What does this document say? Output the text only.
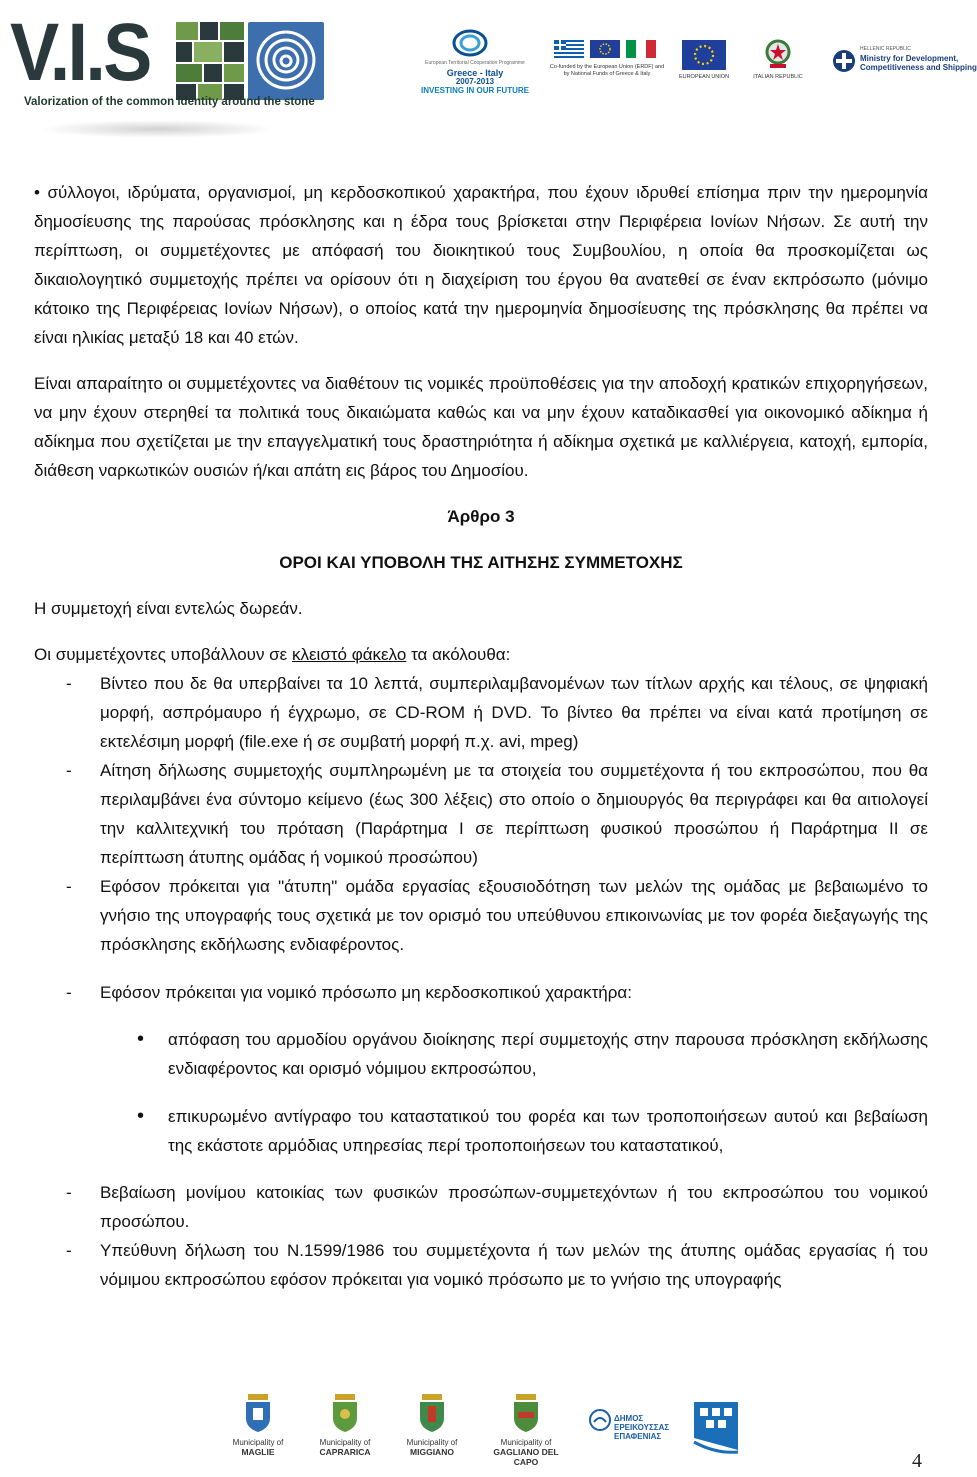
V.I.S
Valorization of the common identity around the stone
European Territorial Cooperation Programme
Greece - Italy
2007-2013
INVESTING IN OUR FUTURE
Co-funded by the European Union (ERDF) and by National Funds of Greece & Italy	EUROPEAN UNION	ITALIAN REPUBLIC
HELLENIC REPUBLIC
Ministry for Development,
Competitiveness and Shipping

• σύλλογοι, ιδρύματα, οργανισμοί, μη κερδοσκοπικού χαρακτήρα, που έχουν ιδρυθεί επίσημα πριν την ημερομηνία δημοσίευσης της παρούσας πρόσκλησης και η έδρα τους βρίσκεται στην Περιφέρεια Ιονίων Νήσων. Σε αυτή την περίπτωση, οι συμμετέχοντες με απόφασή του διοικητικού τους Συμβουλίου, η οποία θα προσκομίζεται ως δικαιολογητικό συμμετοχής πρέπει να ορίσουν ότι η διαχείριση του έργου θα ανατεθεί σε έναν εκπρόσωπο (μόνιμο κάτοικο της Περιφέρειας Ιονίων Νήσων), ο οποίος κατά την ημερομηνία δημοσίευσης της πρόσκλησης θα πρέπει να είναι ηλικίας μεταξύ 18 και 40 ετών.

Είναι απαραίτητο οι συμμετέχοντες να διαθέτουν τις νομικές προϋποθέσεις για την αποδοχή κρατικών επιχορηγήσεων, να μην έχουν στερηθεί τα πολιτικά τους δικαιώματα καθώς και να μην έχουν καταδικασθεί για οικονομικό αδίκημα ή αδίκημα που σχετίζεται με την επαγγελματική τους δραστηριότητα ή αδίκημα σχετικά με καλλιέργεια, κατοχή, εμπορία, διάθεση ναρκωτικών ουσιών ή/και απάτη εις βάρος του Δημοσίου.

Άρθρο 3

ΟΡΟΙ ΚΑΙ ΥΠΟΒΟΛΗ ΤΗΣ ΑΙΤΗΣΗΣ ΣΥΜΜΕΤΟΧΗΣ

Η συμμετοχή είναι εντελώς δωρεάν.

Οι συμμετέχοντες υποβάλλουν σε κλειστό φάκελο τα ακόλουθα:

- Βίντεο που δε θα υπερβαίνει τα 10 λεπτά, συμπεριλαμβανομένων των τίτλων αρχής και τέλους, σε ψηφιακή μορφή, ασπρόμαυρο ή έγχρωμο, σε CD-ROM ή DVD. Το βίντεο θα πρέπει να είναι κατά προτίμηση σε εκτελέσιμη μορφή (file.exe ή σε συμβατή μορφή π.χ. avi, mpeg)

- Αίτηση δήλωσης συμμετοχής συμπληρωμένη με τα στοιχεία του συμμετέχοντα ή του εκπροσώπου, που θα περιλαμβάνει ένα σύντομο κείμενο (έως 300 λέξεις) στο οποίο ο δημιουργός θα περιγράφει και θα αιτιολογεί την καλλιτεχνική του πρόταση (Παράρτημα Ι σε περίπτωση φυσικού προσώπου ή Παράρτημα ΙΙ σε περίπτωση άτυπης ομάδας ή νομικού προσώπου)

- Εφόσον πρόκειται για "άτυπη" ομάδα εργασίας εξουσιοδότηση των μελών της ομάδας με βεβαιωμένο το γνήσιο της υπογραφής τους σχετικά με τον ορισμό του υπεύθυνου επικοινωνίας με τον φορέα διεξαγωγής της πρόσκλησης εκδήλωσης ενδιαφέροντος.

- Εφόσον πρόκειται για νομικό πρόσωπο μη κερδοσκοπικού χαρακτήρα:

• απόφαση του αρμοδίου οργάνου διοίκησης περί συμμετοχής στην παρουσα πρόσκληση εκδήλωσης ενδιαφέροντος και ορισμό νόμιμου εκπροσώπου,

• επικυρωμένο αντίγραφο του καταστατικού του φορέα και των τροποποιήσεων αυτού και βεβαίωση της εκάστοτε αρμόδιας υπηρεσίας περί τροποποιήσεων του καταστατικού,

- Βεβαίωση μονίμου κατοικίας των φυσικών προσώπων-συμμετεχόντων ή του εκπροσώπου του νομικού προσώπου.

- Υπεύθυνη δήλωση του Ν.1599/1986 του συμμετέχοντα ή των μελών της άτυπης ομάδας εργασίας ή του νόμιμου εκπροσώπου εφόσον πρόκειται για νομικό πρόσωπο με το γνήσιο της υπογραφής

Municipality of
MAGLIE
Municipality of
CAPRARICA
Municipality of
MIGGIANO
Municipality of
GAGLIANO DEL CAPO
ΔΗΜΟΣ
ΕΡΕΙΚΟΥΣΣΑΣ
ΕΠΑΦΕΝΙΑΣ
4
